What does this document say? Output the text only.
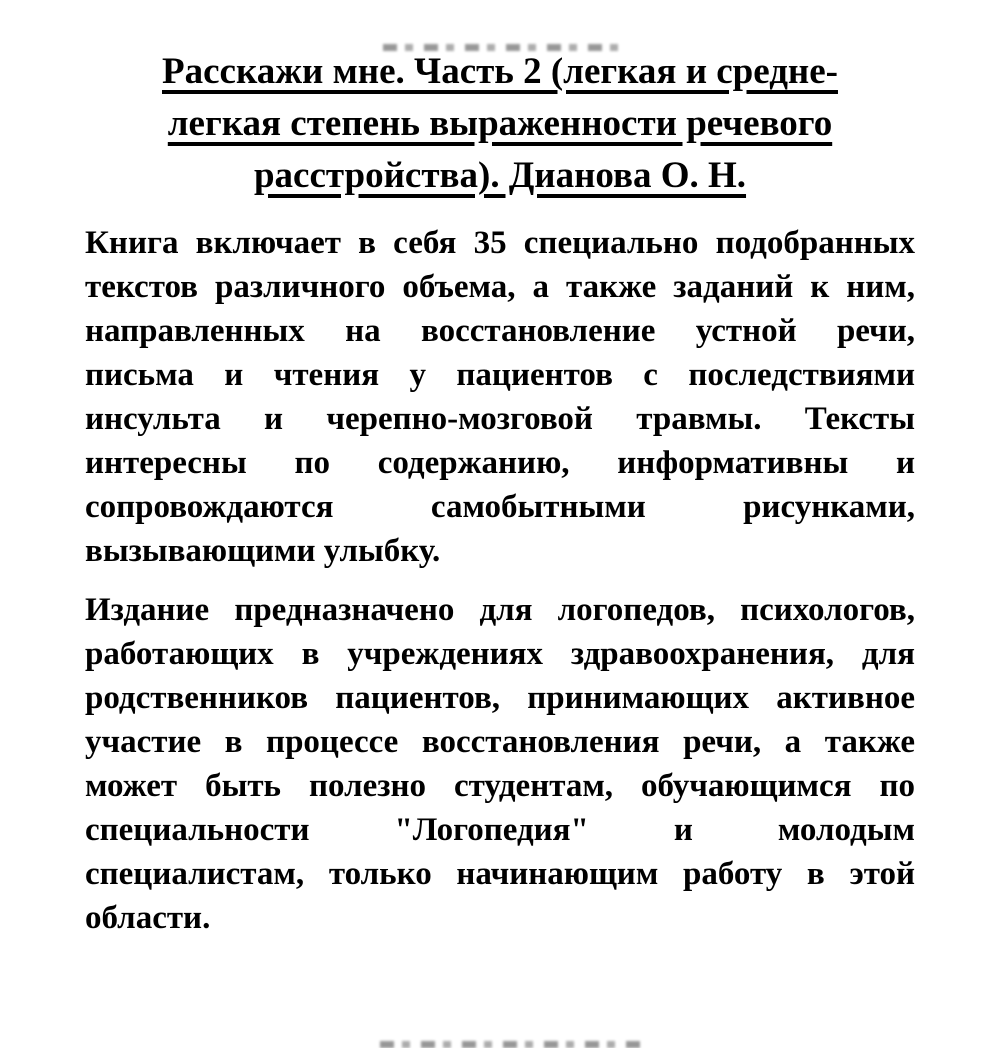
Расскажи мне. Часть 2 (легкая и средне-
легкая степень выраженности речевого
расстройства). Дианова О. Н.
Книга включает в себя 35 специально подобранных
текстов различного объема, а также заданий к ним,
направленных на восстановление устной речи,
письма и чтения у пациентов с последствиями
инсульта и черепно-мозговой травмы. Тексты
интересны по содержанию, информативны и
сопровождаются самобытными рисунками,
вызывающими улыбку.
Издание предназначено для логопедов, психологов,
работающих в учреждениях здравоохранения, для
родственников пациентов, принимающих активное
участие в процессе восстановления речи, а также
может быть полезно студентам, обучающимся по
специальности "Логопедия" и молодым
специалистам, только начинающим работу в этой
области.
